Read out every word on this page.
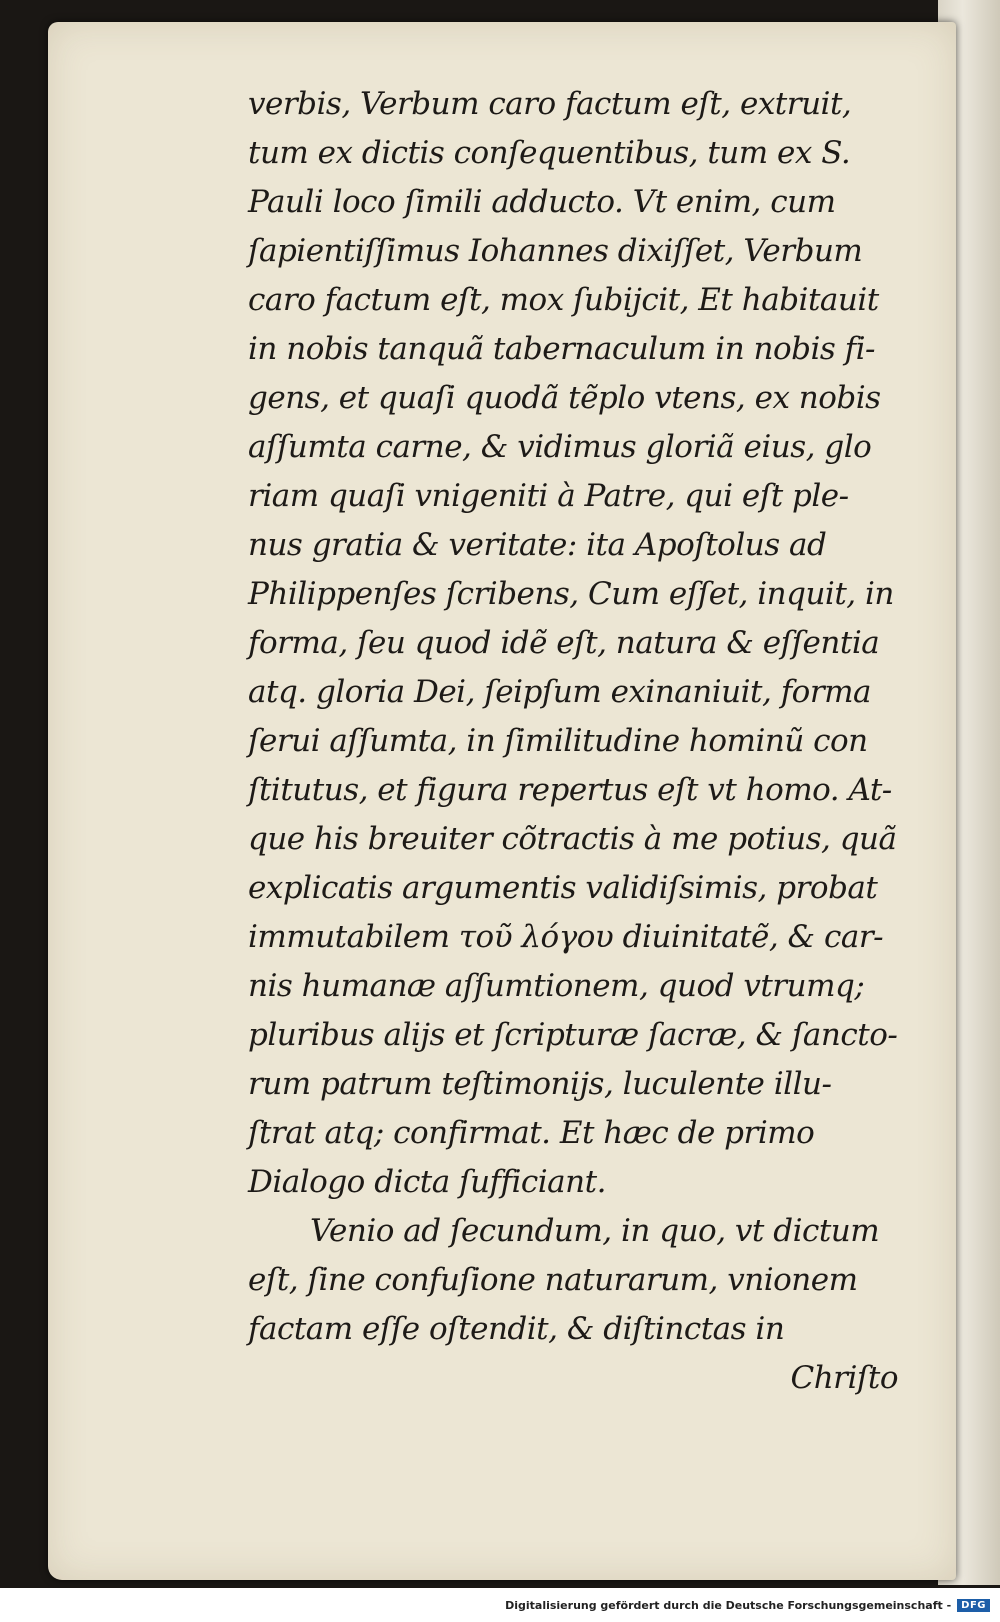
verbis, Verbum caro factum eſt, extruit,
tum ex dictis conſequentibus, tum ex S.
Pauli loco ſimili adducto. Vt enim, cum
ſapientiſſimus Iohannes dixiſſet, Verbum
caro factum eſt, mox ſubijcit, Et habitauit
in nobis tanquã tabernaculum in nobis fi-
gens, et quaſi quodã tẽplo vtens, ex nobis
aſſumta carne, & vidimus gloriã eius, glo
riam quaſi vnigeniti à Patre, qui eſt ple-
nus gratia & veritate: ita Apoſtolus ad
Philippenſes ſcribens, Cum eſſet, inquit, in
forma, ſeu quod idẽ eſt, natura & eſſentia
atq. gloria Dei, ſeipſum exinaniuit, forma
ſerui aſſumta, in ſimilitudine hominũ con
ſtitutus, et figura repertus eſt vt homo. At-
que his breuiter cõtractis à me potius, quã
explicatis argumentis validiſsimis, probat
immutabilem τοῦ λόγου diuinitatẽ, & car-
nis humanæ aſſumtionem, quod vtrumq;
pluribus alijs et ſcripturæ ſacræ, & ſancto-
rum patrum teſtimonijs, luculente illu-
ſtrat atq; confirmat. Et hæc de primo
Dialogo dicta ſufficiant.
Venio ad ſecundum, in quo, vt dictum
eſt, ſine confuſione naturarum, vnionem
factam eſſe oſtendit, & diſtinctas in
Chriſto
Digitalisierung gefördert durch die Deutsche Forschungsgemeinschaft -	DFG
